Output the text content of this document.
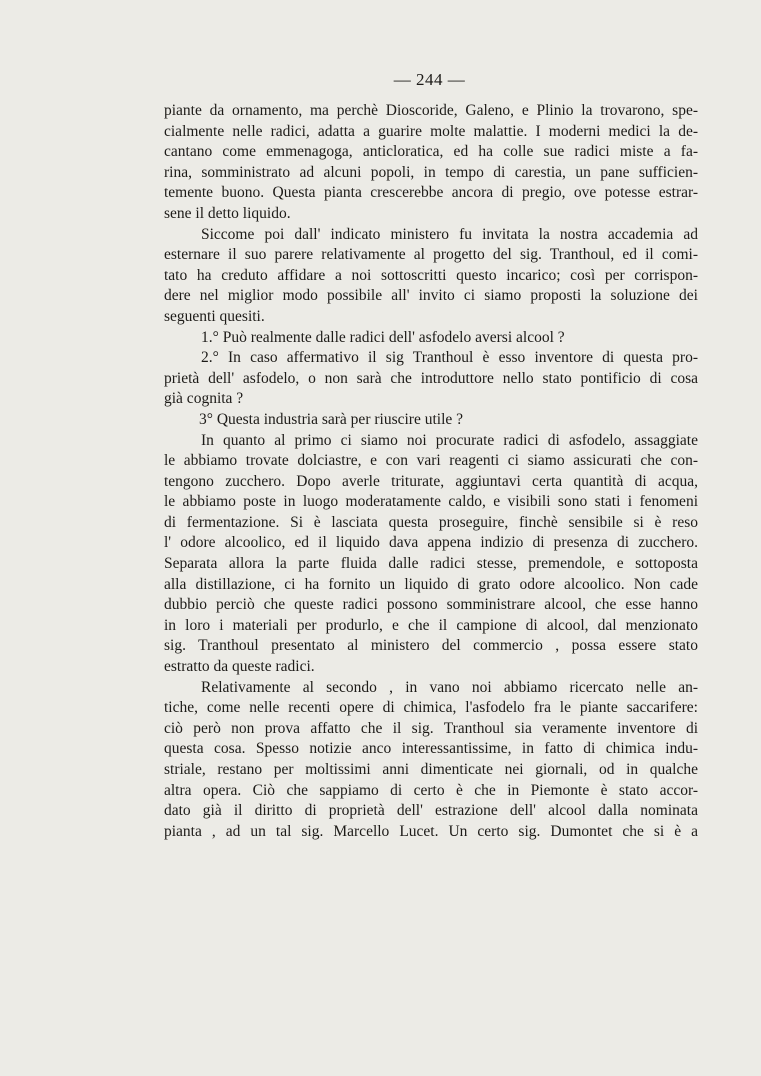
— 244 —
piante da ornamento, ma perchè Dioscoride, Galeno, e Plinio la trovarono, spe-
cialmente nelle radici, adatta a guarire molte malattie. I moderni medici la de-
cantano come emmenagoga, anticloratica, ed ha colle sue radici miste a fa-
rina, somministrato ad alcuni popoli, in tempo di carestia, un pane sufficien-
temente buono. Questa pianta crescerebbe ancora di pregio, ove potesse estrar-
sene il detto liquido.
Siccome poi dall' indicato ministero fu invitata la nostra accademia ad
esternare il suo parere relativamente al progetto del sig. Tranthoul, ed il comi-
tato ha creduto affidare a noi sottoscritti questo incarico; così per corrispon-
dere nel miglior modo possibile all' invito ci siamo proposti la soluzione dei
seguenti quesiti.
1.° Può realmente dalle radici dell' asfodelo aversi alcool ?
2.° In caso affermativo il sig Tranthoul è esso inventore di questa pro-
prietà dell' asfodelo, o non sarà che introduttore nello stato pontificio di cosa
già cognita ?
3° Questa industria sarà per riuscire utile ?
In quanto al primo ci siamo noi procurate radici di asfodelo, assaggiate
le abbiamo trovate dolciastre, e con vari reagenti ci siamo assicurati che con-
tengono zucchero. Dopo averle triturate, aggiuntavi certa quantità di acqua,
le abbiamo poste in luogo moderatamente caldo, e visibili sono stati i fenomeni
di fermentazione. Si è lasciata questa proseguire, finchè sensibile si è reso
l' odore alcoolico, ed il liquido dava appena indizio di presenza di zucchero.
Separata allora la parte fluida dalle radici stesse, premendole, e sottoposta
alla distillazione, ci ha fornito un liquido di grato odore alcoolico. Non cade
dubbio perciò che queste radici possono somministrare alcool, che esse hanno
in loro i materiali per produrlo, e che il campione di alcool, dal menzionato
sig. Tranthoul presentato al ministero del commercio , possa essere stato
estratto da queste radici.
Relativamente al secondo , in vano noi abbiamo ricercato nelle an-
tiche, come nelle recenti opere di chimica, l'asfodelo fra le piante saccarifere:
ciò però non prova affatto che il sig. Tranthoul sia veramente inventore di
questa cosa. Spesso notizie anco interessantissime, in fatto di chimica indu-
striale, restano per moltissimi anni dimenticate nei giornali, od in qualche
altra opera. Ciò che sappiamo di certo è che in Piemonte è stato accor-
dato già il diritto di proprietà dell' estrazione dell' alcool dalla nominata
pianta , ad un tal sig. Marcello Lucet. Un certo sig. Dumontet che si è a
